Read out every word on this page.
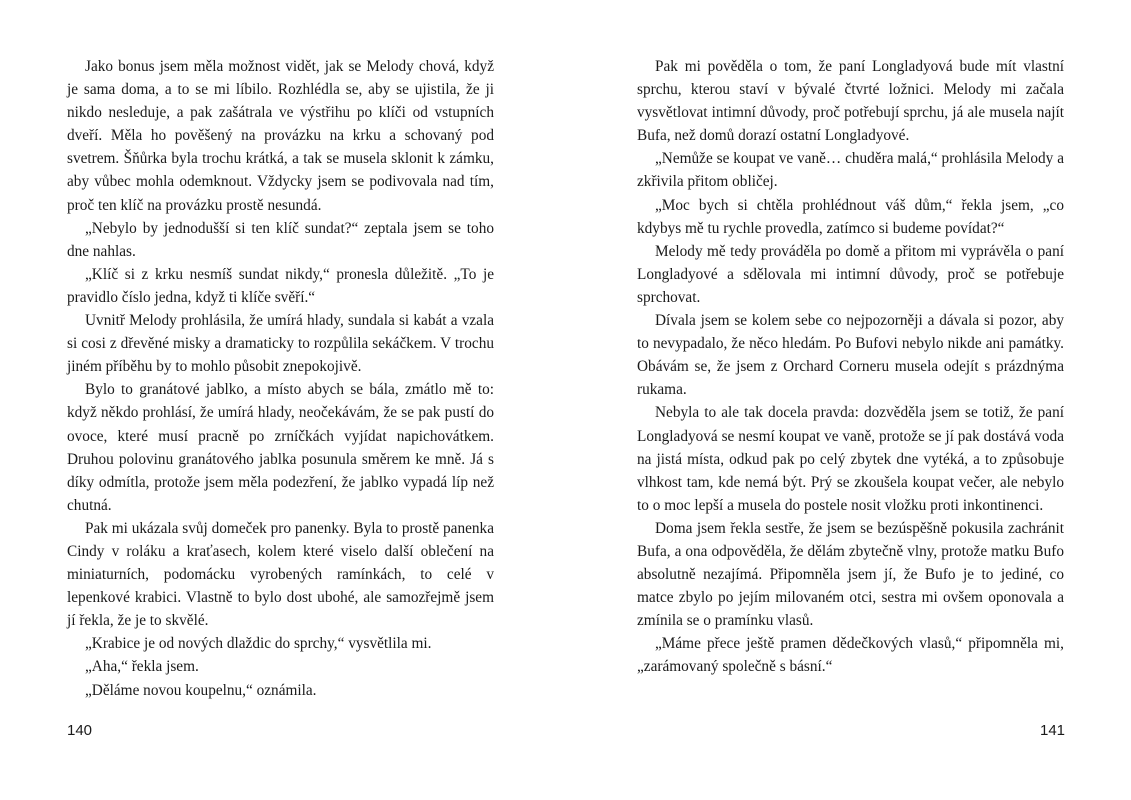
Jako bonus jsem měla možnost vidět, jak se Melody chová, když je sama doma, a to se mi líbilo. Rozhlédla se, aby se ujistila, že ji nikdo nesleduje, a pak zašátrala ve výstřihu po klíči od vstupních dveří. Měla ho pověšený na provázku na krku a schovaný pod svetrem. Šňůrka byla trochu krátká, a tak se musela sklonit k zámku, aby vůbec mohla odemknout. Vždycky jsem se podivovala nad tím, proč ten klíč na provázku prostě nesundá.

„Nebylo by jednodušší si ten klíč sundat?“ zeptala jsem se toho dne nahlas.

„Klíč si z krku nesmíš sundat nikdy,“ pronesla důležitě. „To je pravidlo číslo jedna, když ti klíče svěří.“

Uvnitř Melody prohlásila, že umírá hlady, sundala si kabát a vzala si cosi z dřevěné misky a dramaticky to rozpůlila sekáčkem. V trochu jiném příběhu by to mohlo působit znepokojivě.

Bylo to granátové jablko, a místo abych se bála, zmátlo mě to: když někdo prohlásí, že umírá hlady, neočekávám, že se pak pustí do ovoce, které musí pracně po zrníčkách vyjídat napichovátkem. Druhou polovinu granátového jablka posunula směrem ke mně. Já s díky odmítla, protože jsem měla podezření, že jablko vypadá líp než chutná.

Pak mi ukázala svůj domeček pro panenky. Byla to prostě panenka Cindy v roláku a kraťasech, kolem které viselo další oblečení na miniaturních, podomácku vyrobených ramínkách, to celé v lepenkové krabici. Vlastně to bylo dost ubohé, ale samozřejmě jsem jí řekla, že je to skvělé.

„Krabice je od nových dlaždic do sprchy,“ vysvětlila mi.

„Aha,“ řekla jsem.

„Děláme novou koupelnu,“ oznámila.

140

Pak mi pověděla o tom, že paní Longladyová bude mít vlastní sprchu, kterou staví v bývalé čtvrté ložnici. Melody mi začala vysvětlovat intimní důvody, proč potřebují sprchu, já ale musela najít Bufa, než domů dorazí ostatní Longladyové.

„Nemůže se koupat ve vaně… chuděra malá,“ prohlásila Melody a zkřivila přitom obličej.

„Moc bych si chtěla prohlédnout váš dům,“ řekla jsem, „co kdybys mě tu rychle provedla, zatímco si budeme povídat?“

Melody mě tedy prováděla po domě a přitom mi vyprávěla o paní Longladyové a sdělovala mi intimní důvody, proč se potřebuje sprchovat.

Dívala jsem se kolem sebe co nejpozorněji a dávala si pozor, aby to nevypadalo, že něco hledám. Po Bufovi nebylo nikde ani památky. Obávám se, že jsem z Orchard Corneru musela odejít s prázdnýma rukama.

Nebyla to ale tak docela pravda: dozvěděla jsem se totiž, že paní Longladyová se nesmí koupat ve vaně, protože se jí pak dostává voda na jistá místa, odkud pak po celý zbytek dne vytéká, a to způsobuje vlhkost tam, kde nemá být. Prý se zkoušela koupat večer, ale nebylo to o moc lepší a musela do postele nosit vložku proti inkontinenci.

Doma jsem řekla sestře, že jsem se bezúspěšně pokusila zachránit Bufa, a ona odpověděla, že dělám zbytečně vlny, protože matku Bufo absolutně nezajímá. Připomněla jsem jí, že Bufo je to jediné, co matce zbylo po jejím milovaném otci, sestra mi ovšem oponovala a zmínila se o pramínku vlasů.

„Máme přece ještě pramen dědečkových vlasů,“ připomněla mi, „zarámovaný společně s básní.“

141
